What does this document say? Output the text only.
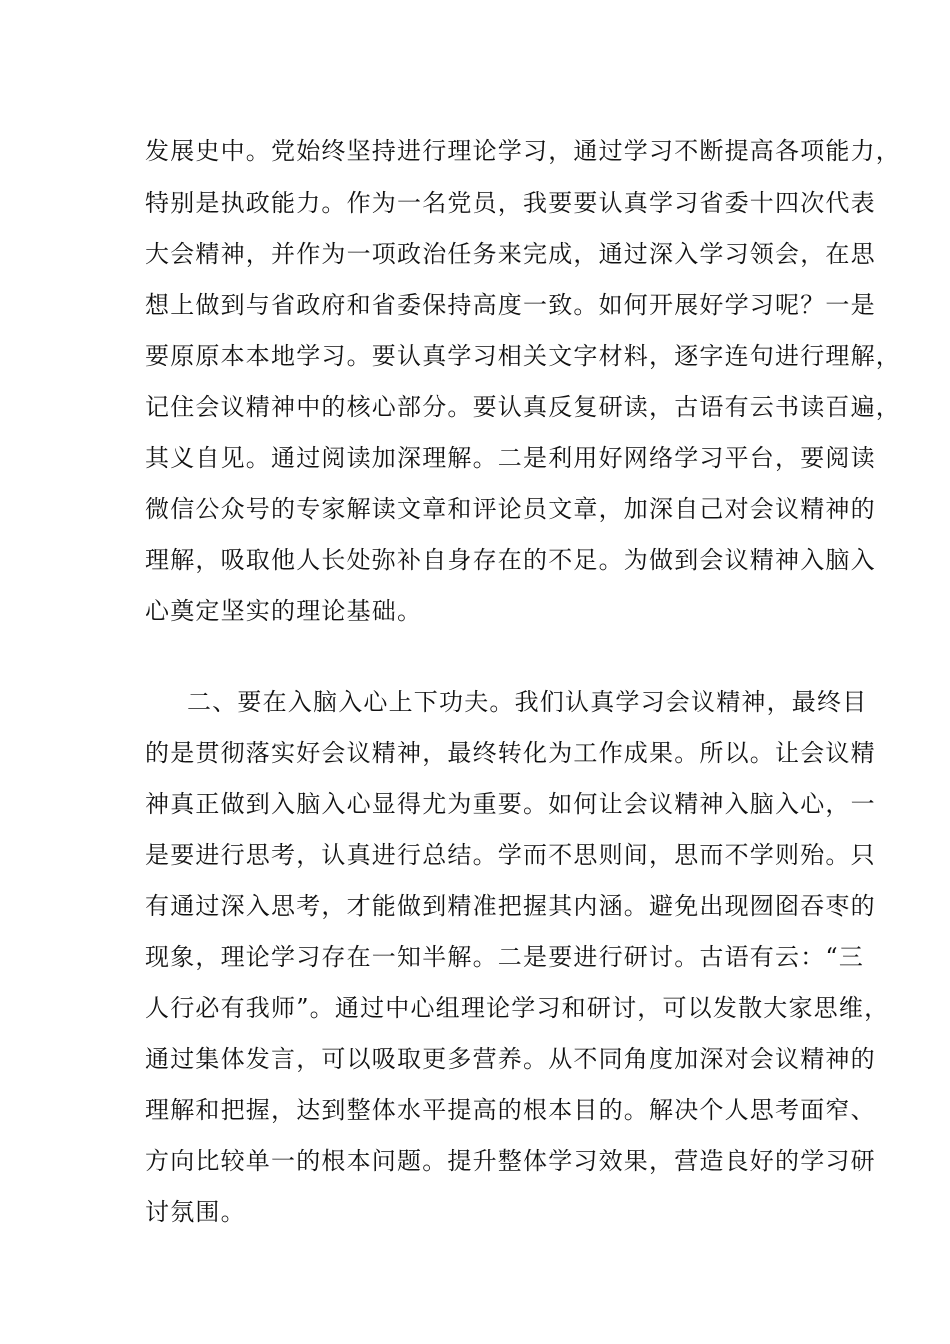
发展史中。党始终坚持进行理论学习，通过学习不断提高各项能力，
特别是执政能力。作为一名党员，我要要认真学习省委十四次代表
大会精神，并作为一项政治任务来完成，通过深入学习领会，在思
想上做到与省政府和省委保持高度一致。如何开展好学习呢？一是
要原原本本地学习。要认真学习相关文字材料，逐字连句进行理解，
记住会议精神中的核心部分。要认真反复研读，古语有云书读百遍，
其义自见。通过阅读加深理解。二是利用好网络学习平台，要阅读
微信公众号的专家解读文章和评论员文章，加深自己对会议精神的
理解，吸取他人长处弥补自身存在的不足。为做到会议精神入脑入
心奠定坚实的理论基础。
二、要在入脑入心上下功夫。我们认真学习会议精神，最终目
的是贯彻落实好会议精神，最终转化为工作成果。所以。让会议精
神真正做到入脑入心显得尤为重要。如何让会议精神入脑入心，一
是要进行思考，认真进行总结。学而不思则间，思而不学则殆。只
有通过深入思考，才能做到精准把握其内涵。避免出现囫囵吞枣的
现象，理论学习存在一知半解。二是要进行研讨。古语有云：“三
人行必有我师”。通过中心组理论学习和研讨，可以发散大家思维，
通过集体发言，可以吸取更多营养。从不同角度加深对会议精神的
理解和把握，达到整体水平提高的根本目的。解决个人思考面窄、
方向比较单一的根本问题。提升整体学习效果，营造良好的学习研
讨氛围。
